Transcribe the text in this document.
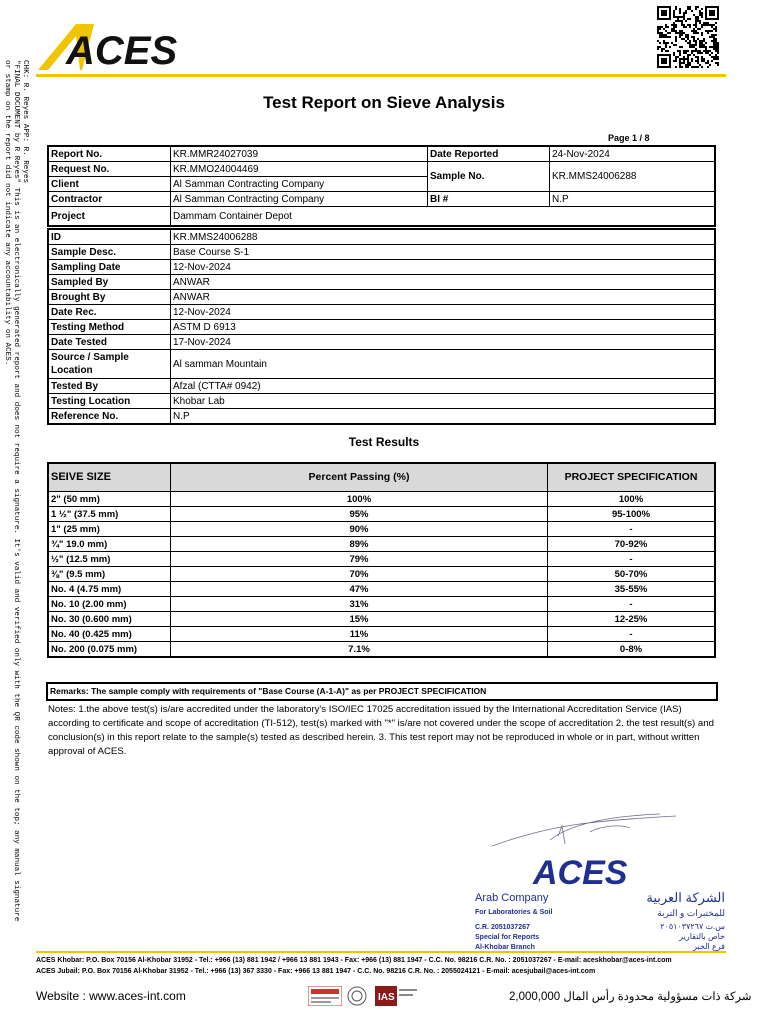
CHK: R. Reyes APP: R. Reyes
"FINAL DOCUMENT by R Reyes" This is an electronically generated report and does not require a signature. It's valid and verified only with the QR code shown on the top; any manual signature
or stamp on the report did not indicate any accountability on ACES.
ACES
Test Report on Sieve Analysis
Page 1 / 8
Report No.	KR.MMR24027039	Date Reported	24-Nov-2024
Request No.	KR.MMO24004469	Sample No.	KR.MMS24006288
Client	Al Samman Contracting Company		
Contractor	Al Samman Contracting Company	BI #	N.P
Project	Dammam Container Depot		
ID	KR.MMS24006288
Sample Desc.	Base Course S-1
Sampling Date	12-Nov-2024
Sampled By	ANWAR
Brought By	ANWAR
Date Rec.	12-Nov-2024
Testing Method	ASTM D 6913
Date Tested	17-Nov-2024
Source / Sample Location	Al samman Mountain
Tested By	Afzal (CTTA# 0942)
Testing Location	Khobar Lab
Reference No.	N.P
Test Results
SEIVE SIZE	Percent Passing (%)	PROJECT SPECIFICATION
2" (50 mm)	100%	100%
1 ½" (37.5 mm)	95%	95-100%
1" (25 mm)	90%	-
¾" 19.0 mm)	89%	70-92%
½" (12.5 mm)	79%	-
⅜" (9.5 mm)	70%	50-70%
No. 4 (4.75 mm)	47%	35-55%
No. 10 (2.00 mm)	31%	-
No. 30 (0.600 mm)	15%	12-25%
No. 40 (0.425 mm)	11%	-
No. 200 (0.075 mm)	7.1%	0-8%
Remarks: The sample comply with requirements of "Base Course (A-1-A)" as per PROJECT SPECIFICATION
Notes: 1.the above test(s) is/are accredited under the laboratory's ISO/IEC 17025 accreditation issued by the International Accreditation Service (IAS) according to certificate and scope of accreditation (TI-512), test(s) marked with "*" is/are not covered under the scope of accreditation 2. the test result(s) and conclusion(s) in this report relate to the sample(s) tested as described herein. 3. This test report may not be reproduced in whole or in part, without written approval of ACES.
ACES
Arab Company
For Laboratories & Soil
C.R. 2051037267
Special for Reports
Al-Khobar Branch
الشركة العربية
للمختبرات و التربة
س.ت ٢٠٥١٠٣٧٢٦٧
خاص بالتقارير
فرع الخبر
ACES Khobar: P.O. Box 70156 Al-Khobar 31952 - Tel.: +966 (13) 881 1942 / +966 13 881 1943 - Fax: +966 (13) 881 1947 - C.C. No. 98216 C.R. No. : 2051037267 - E-mail: aceskhobar@aces-int.com
ACES Jubail: P.O. Box 70156 Al-Khobar 31952 - Tel.: +966 (13) 367 3330 - Fax: +966 13 881 1947 - C.C. No. 98216 C.R. No. : 2055024121 - E-mail: acesjubail@aces-int.com
Website : www.aces-int.com	IAS	2,000,000 شركة ذات مسؤولية محدودة رأس المال
